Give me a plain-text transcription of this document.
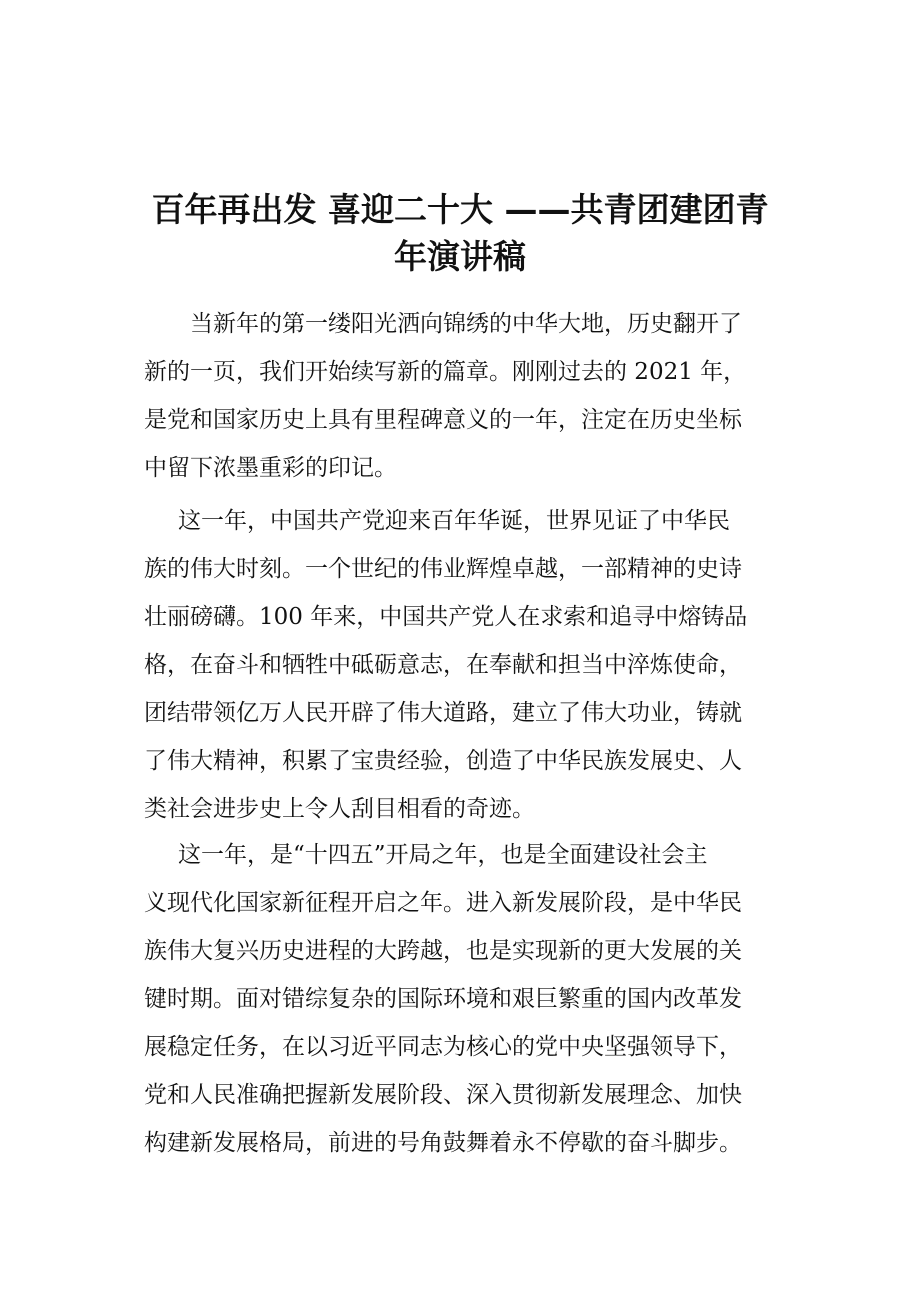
百年再出发 喜迎二十大 ——共青团建团青
年演讲稿
当新年的第一缕阳光洒向锦绣的中华大地，历史翻开了
新的一页，我们开始续写新的篇章。刚刚过去的 2021 年，
是党和国家历史上具有里程碑意义的一年，注定在历史坐标
中留下浓墨重彩的印记。
这一年，中国共产党迎来百年华诞，世界见证了中华民
族的伟大时刻。一个世纪的伟业辉煌卓越，一部精神的史诗
壮丽磅礴。100 年来，中国共产党人在求索和追寻中熔铸品
格，在奋斗和牺牲中砥砺意志，在奉献和担当中淬炼使命，
团结带领亿万人民开辟了伟大道路，建立了伟大功业，铸就
了伟大精神，积累了宝贵经验，创造了中华民族发展史、人
类社会进步史上令人刮目相看的奇迹。
这一年，是“十四五”开局之年，也是全面建设社会主
义现代化国家新征程开启之年。进入新发展阶段，是中华民
族伟大复兴历史进程的大跨越，也是实现新的更大发展的关
键时期。面对错综复杂的国际环境和艰巨繁重的国内改革发
展稳定任务，在以习近平同志为核心的党中央坚强领导下，
党和人民准确把握新发展阶段、深入贯彻新发展理念、加快
构建新发展格局，前进的号角鼓舞着永不停歇的奋斗脚步。
